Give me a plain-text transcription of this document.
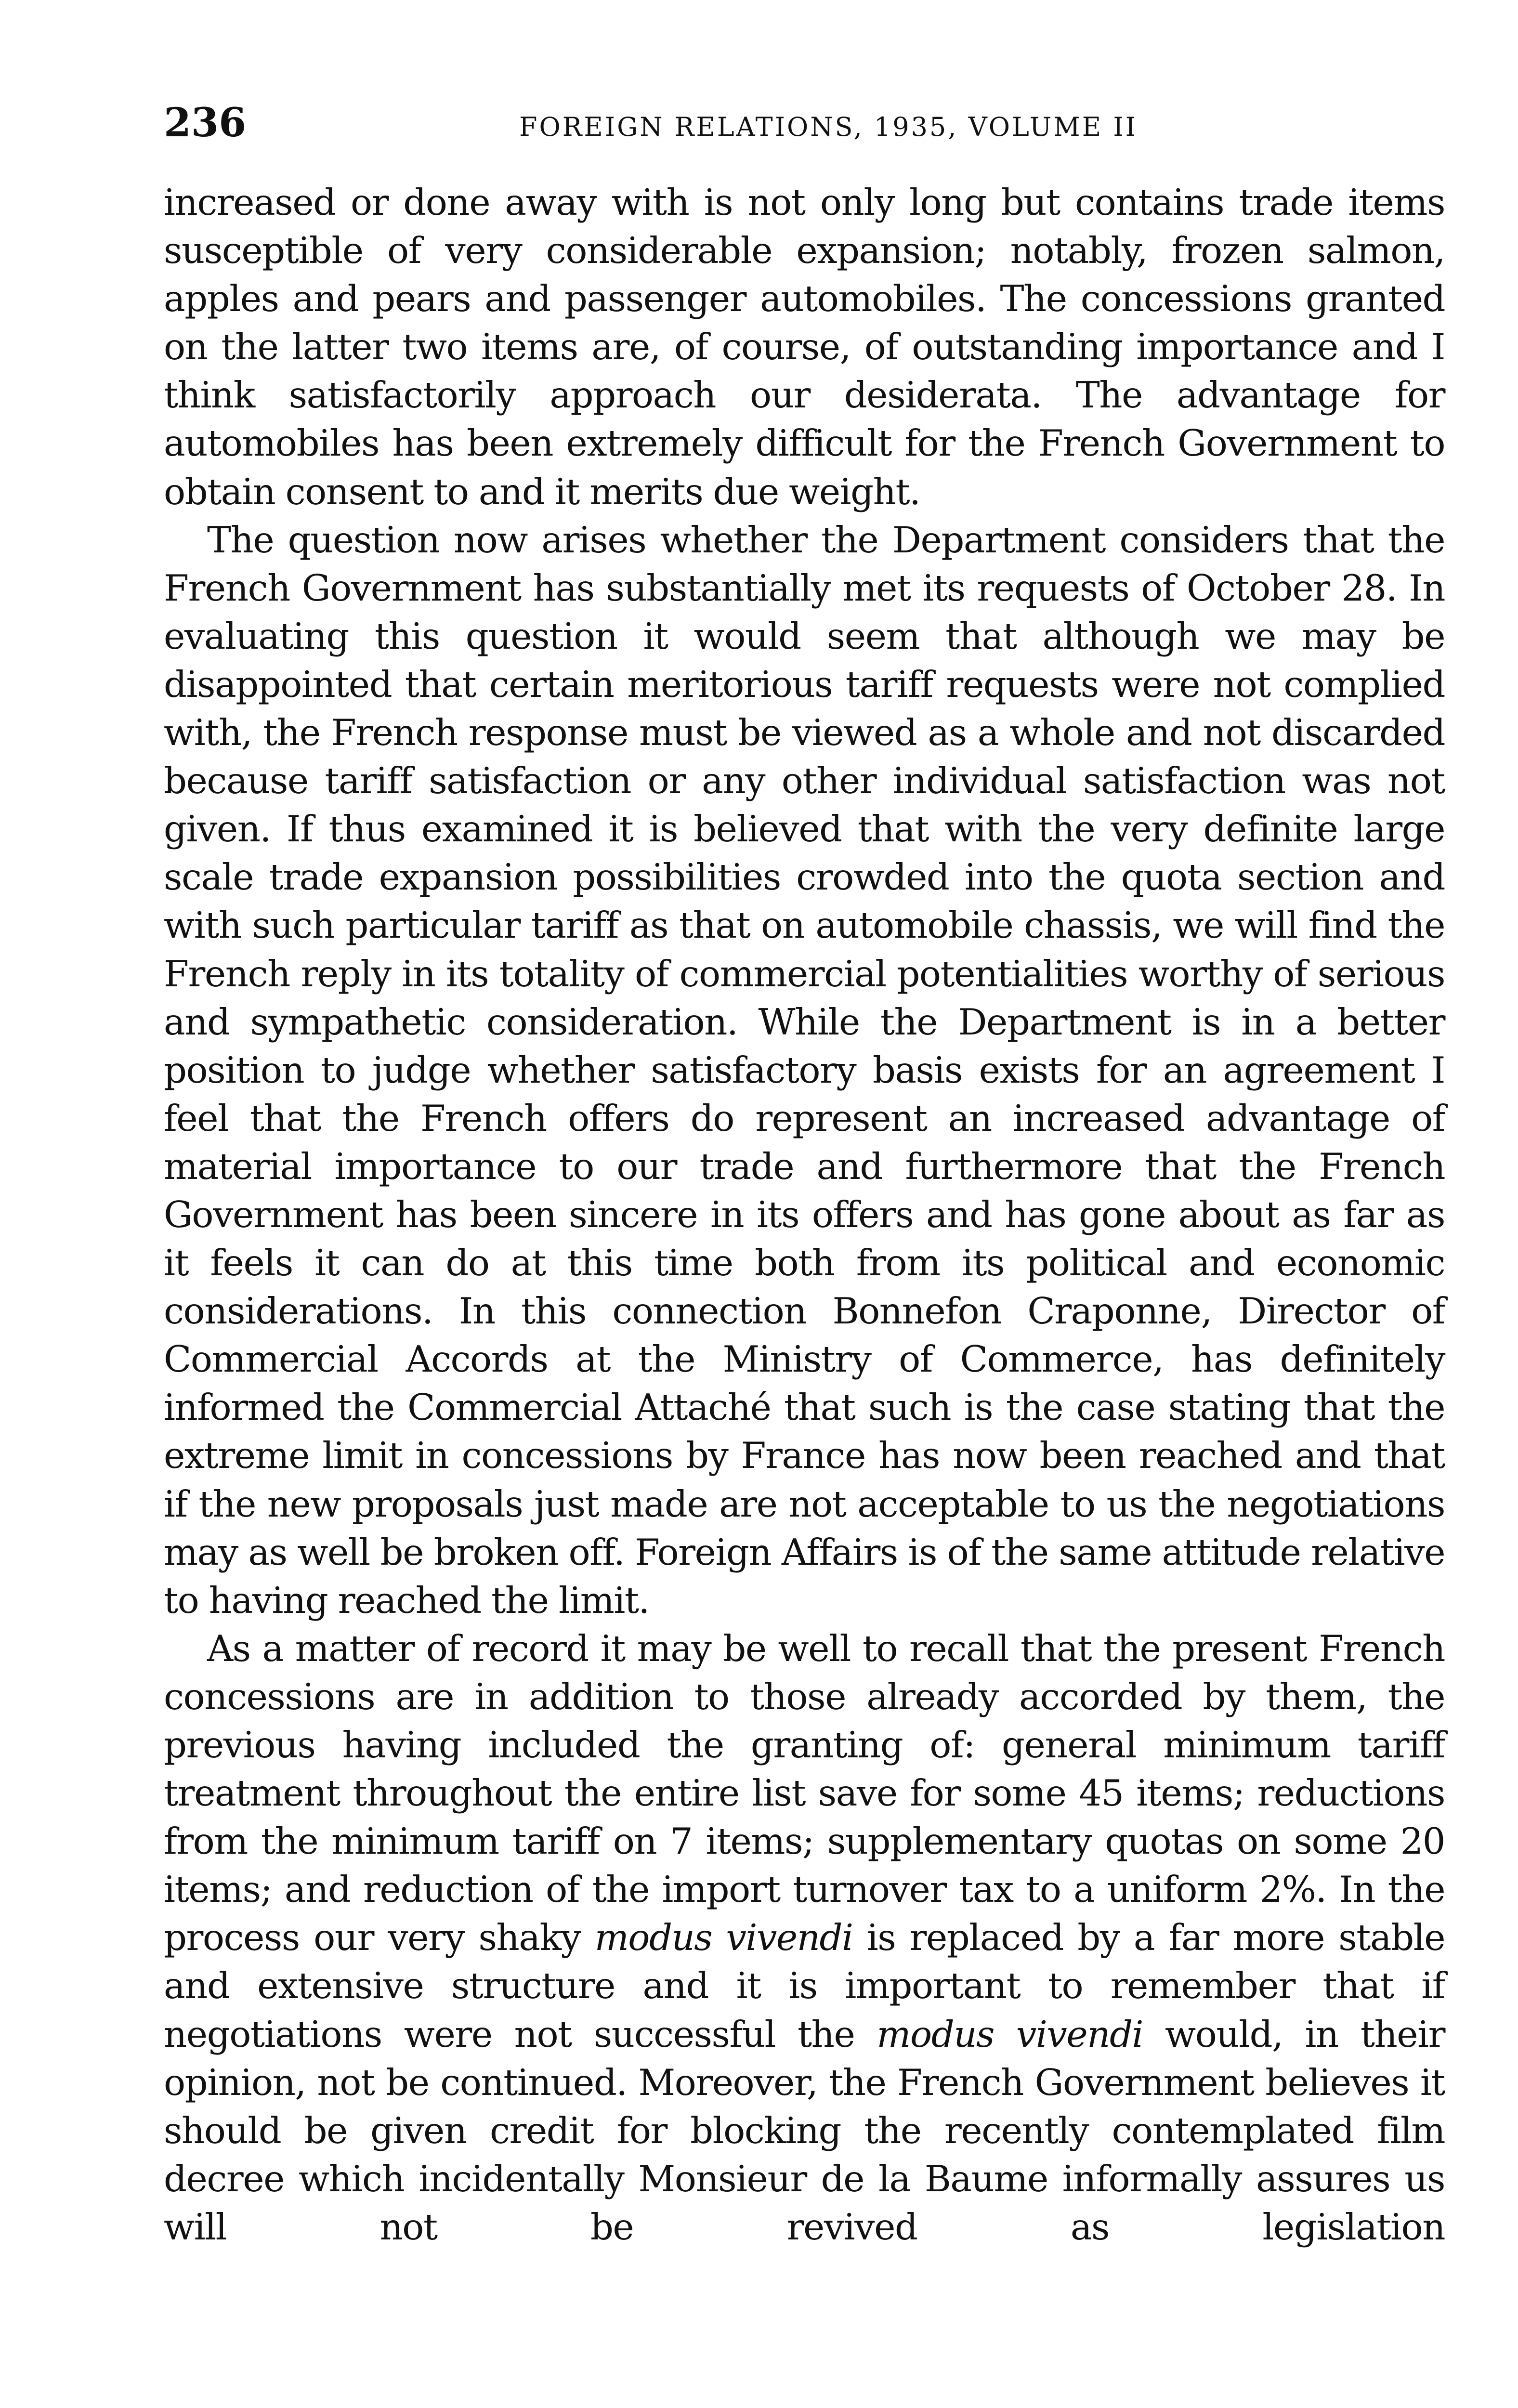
236	FOREIGN RELATIONS, 1935, VOLUME II

increased or done away with is not only long but contains trade items susceptible of very considerable expansion; notably, frozen salmon, apples and pears and passenger automobiles. The concessions granted on the latter two items are, of course, of outstanding importance and I think satisfactorily approach our desiderata. The advantage for automobiles has been extremely difficult for the French Government to obtain consent to and it merits due weight.

The question now arises whether the Department considers that the French Government has substantially met its requests of October 28. In evaluating this question it would seem that although we may be disappointed that certain meritorious tariff requests were not complied with, the French response must be viewed as a whole and not discarded because tariff satisfaction or any other individual satisfaction was not given. If thus examined it is believed that with the very definite large scale trade expansion possibilities crowded into the quota section and with such particular tariff as that on automobile chassis, we will find the French reply in its totality of commercial potentialities worthy of serious and sympathetic consideration. While the Department is in a better position to judge whether satisfactory basis exists for an agreement I feel that the French offers do represent an increased advantage of material importance to our trade and furthermore that the French Government has been sincere in its offers and has gone about as far as it feels it can do at this time both from its political and economic considerations. In this connection Bonnefon Craponne, Director of Commercial Accords at the Ministry of Commerce, has definitely informed the Commercial Attaché that such is the case stating that the extreme limit in concessions by France has now been reached and that if the new proposals just made are not acceptable to us the negotiations may as well be broken off. Foreign Affairs is of the same attitude relative to having reached the limit.

As a matter of record it may be well to recall that the present French concessions are in addition to those already accorded by them, the previous having included the granting of: general minimum tariff treatment throughout the entire list save for some 45 items; reductions from the minimum tariff on 7 items; supplementary quotas on some 20 items; and reduction of the import turnover tax to a uniform 2%. In the process our very shaky modus vivendi is replaced by a far more stable and extensive structure and it is important to remember that if negotiations were not successful the modus vivendi would, in their opinion, not be continued. Moreover, the French Government believes it should be given credit for blocking the recently contemplated film decree which incidentally Monsieur de la Baume informally assures us will not be revived as legislation
